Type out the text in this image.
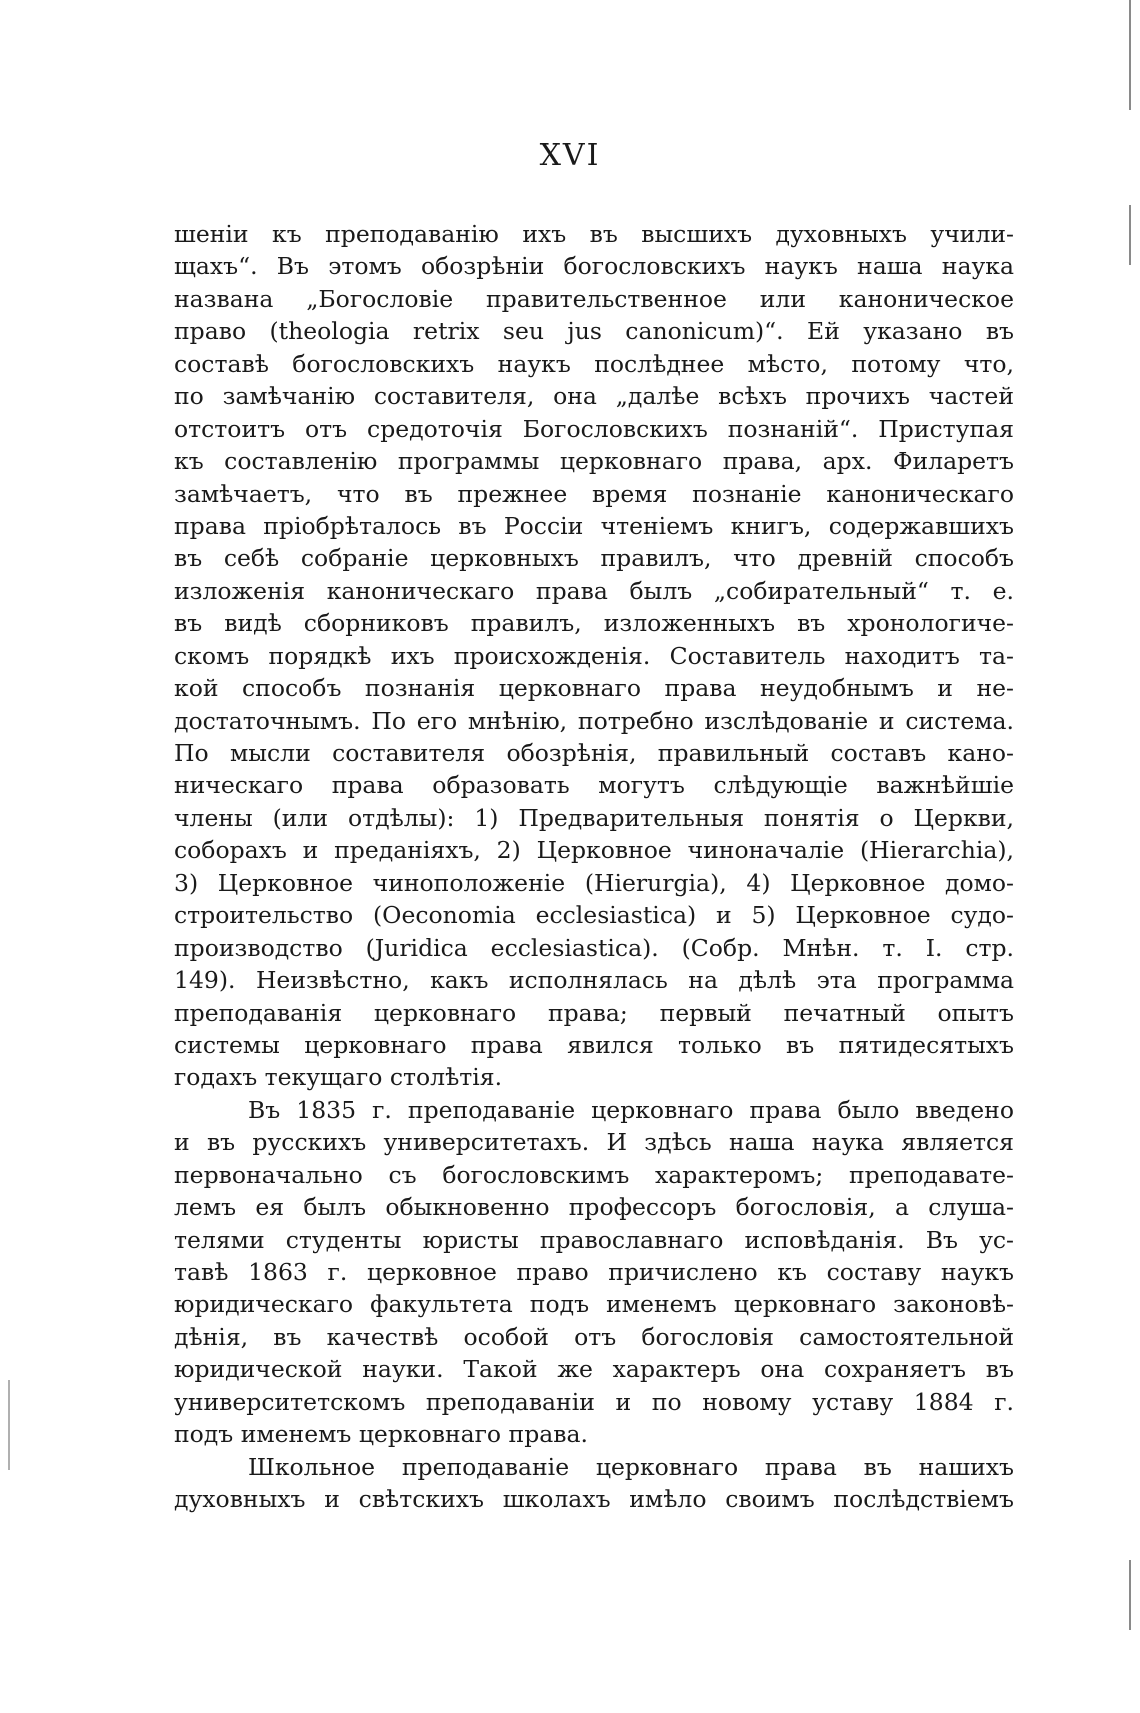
XVI
шеніи къ преподаванію ихъ въ высшихъ духовныхъ учили-
щахъ“. Въ этомъ обозрѣніи богословскихъ наукъ наша наука
названа „Богословіе правительственное или каноническое
право (theologia retrix seu jus canonicum)“. Ей указано въ
составѣ богословскихъ наукъ послѣднее мѣсто, потому что,
по замѣчанію составителя, она „далѣе всѣхъ прочихъ частей
отстоитъ отъ средоточія Богословскихъ познаній“. Приступая
къ составленію программы церковнаго права, арх. Филаретъ
замѣчаетъ, что въ прежнее время познаніе каноническаго
права пріобрѣталось въ Россіи чтеніемъ книгъ, содержавшихъ
въ себѣ собраніе церковныхъ правилъ, что древній способъ
изложенія каноническаго права былъ „собирательный“ т. е.
въ видѣ сборниковъ правилъ, изложенныхъ въ хронологиче-
скомъ порядкѣ ихъ происхожденія. Составитель находитъ та-
кой способъ познанія церковнаго права неудобнымъ и не-
достаточнымъ. По его мнѣнію, потребно изслѣдованіе и система.
По мысли составителя обозрѣнія, правильный составъ кано-
ническаго права образовать могутъ слѣдующіе важнѣйшіе
члены (или отдѣлы): 1) Предварительныя понятія о Церкви,
соборахъ и преданіяхъ, 2) Церковное чиноначаліе (Hierarchia),
3) Церковное чиноположеніе (Hierurgia), 4) Церковное домо-
строительство (Oeconomia ecclesiastica) и 5) Церковное судо-
производство (Juridica ecclesiastica). (Собр. Мнѣн. т. I. стр.
149). Неизвѣстно, какъ исполнялась на дѣлѣ эта программа
преподаванія церковнаго права; первый печатный опытъ
системы церковнаго права явился только въ пятидесятыхъ
годахъ текущаго столѣтія.
Въ 1835 г. преподаваніе церковнаго права было введено
и въ русскихъ университетахъ. И здѣсь наша наука является
первоначально съ богословскимъ характеромъ; преподавате-
лемъ ея былъ обыкновенно профессоръ богословія, а слуша-
телями студенты юристы православнаго исповѣданія. Въ ус-
тавѣ 1863 г. церковное право причислено къ составу наукъ
юридическаго факультета подъ именемъ церковнаго законовѣ-
дѣнія, въ качествѣ особой отъ богословія самостоятельной
юридической науки. Такой же характеръ она сохраняетъ въ
университетскомъ преподаваніи и по новому уставу 1884 г.
подъ именемъ церковнаго права.
Школьное преподаваніе церковнаго права въ нашихъ
духовныхъ и свѣтскихъ школахъ имѣло своимъ послѣдствіемъ
